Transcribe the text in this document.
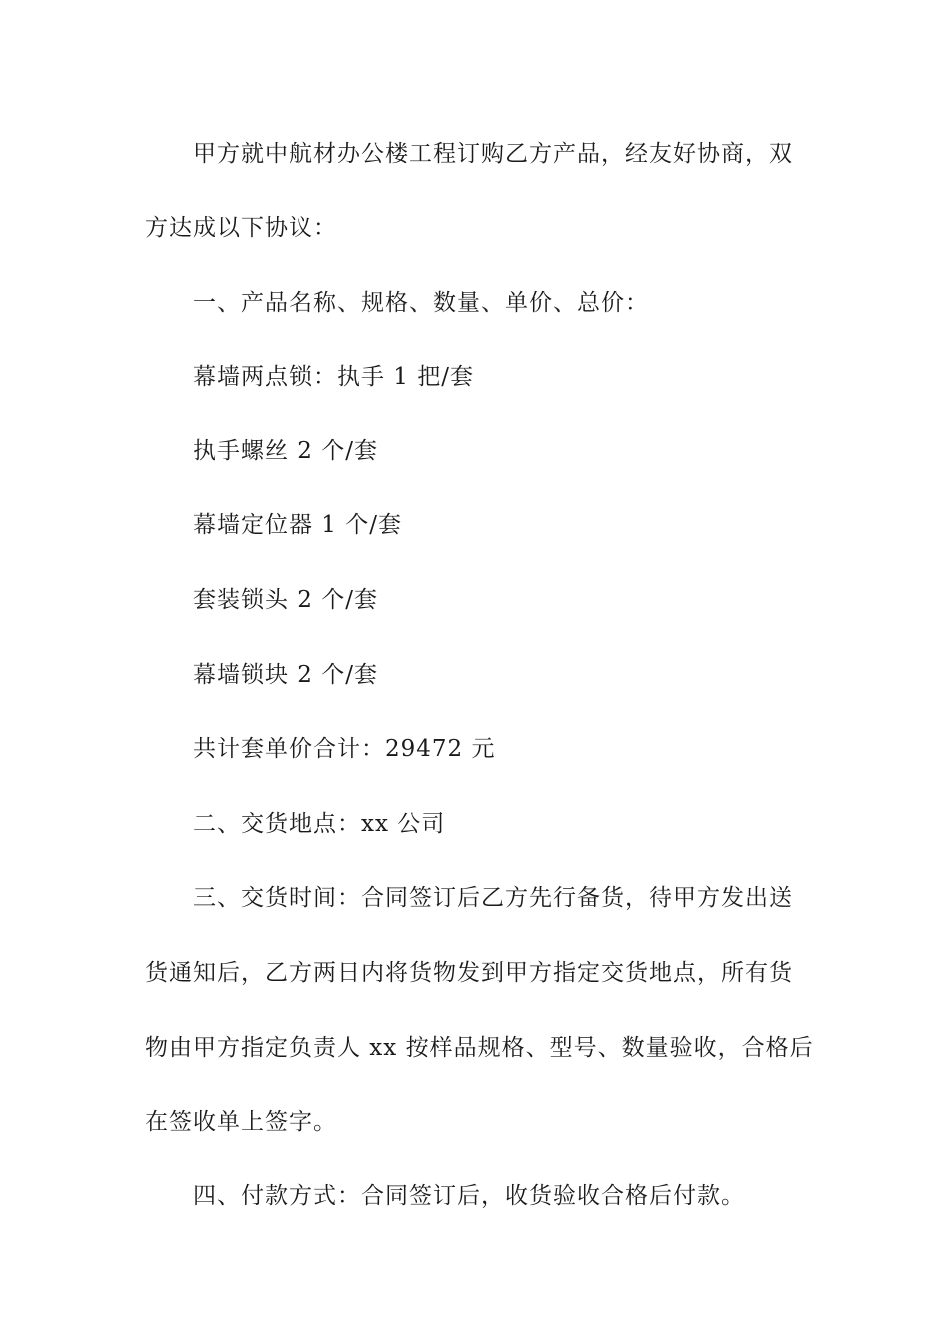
甲方就中航材办公楼工程订购乙方产品，经友好协商，双

方达成以下协议：

一、产品名称、规格、数量、单价、总价：

幕墙两点锁：执手 1 把/套

执手螺丝 2 个/套

幕墙定位器 1 个/套

套装锁头 2 个/套

幕墙锁块 2 个/套

共计套单价合计：29472 元

二、交货地点：xx 公司

三、交货时间：合同签订后乙方先行备货，待甲方发出送

货通知后，乙方两日内将货物发到甲方指定交货地点，所有货

物由甲方指定负责人 xx 按样品规格、型号、数量验收，合格后

在签收单上签字。

四、付款方式：合同签订后，收货验收合格后付款。
